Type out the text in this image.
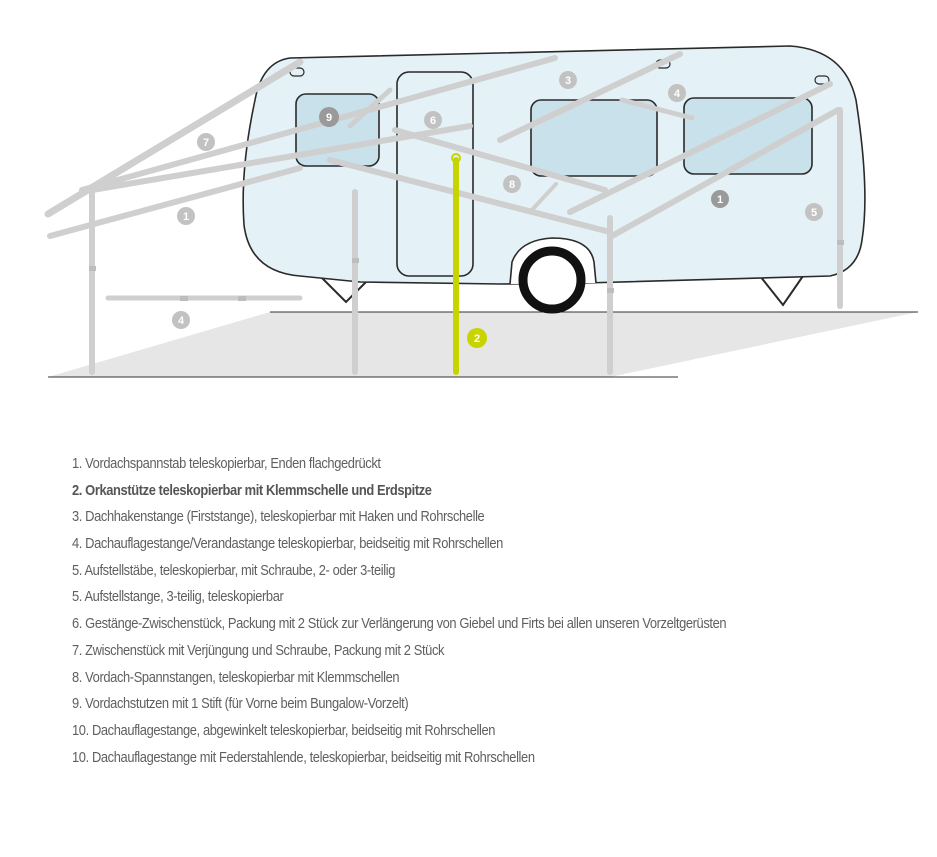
9
7
6
3
4
8
1
1
5
4
2
1. Vordachspannstab teleskopierbar, Enden flachgedrückt
2. Orkanstütze teleskopierbar mit Klemmschelle und Erdspitze
3. Dachhakenstange (Firststange), teleskopierbar mit Haken und Rohrschelle
4. Dachauflagestange/Verandastange teleskopierbar, beidseitig mit Rohrschellen
5. Aufstellstäbe, teleskopierbar, mit Schraube, 2- oder 3-teilig
5. Aufstellstange, 3-teilig, teleskopierbar
6. Gestänge-Zwischenstück, Packung mit 2 Stück zur Verlängerung von Giebel und Firts bei allen unseren Vorzeltgerüsten
7. Zwischenstück mit Verjüngung und Schraube, Packung mit 2 Stück
8. Vordach-Spannstangen, teleskopierbar mit Klemmschellen
9. Vordachstutzen mit 1 Stift (für Vorne beim Bungalow-Vorzelt)
10. Dachauflagestange, abgewinkelt teleskopierbar, beidseitig mit Rohrschellen
10. Dachauflagestange mit Federstahlende, teleskopierbar, beidseitig mit Rohrschellen
